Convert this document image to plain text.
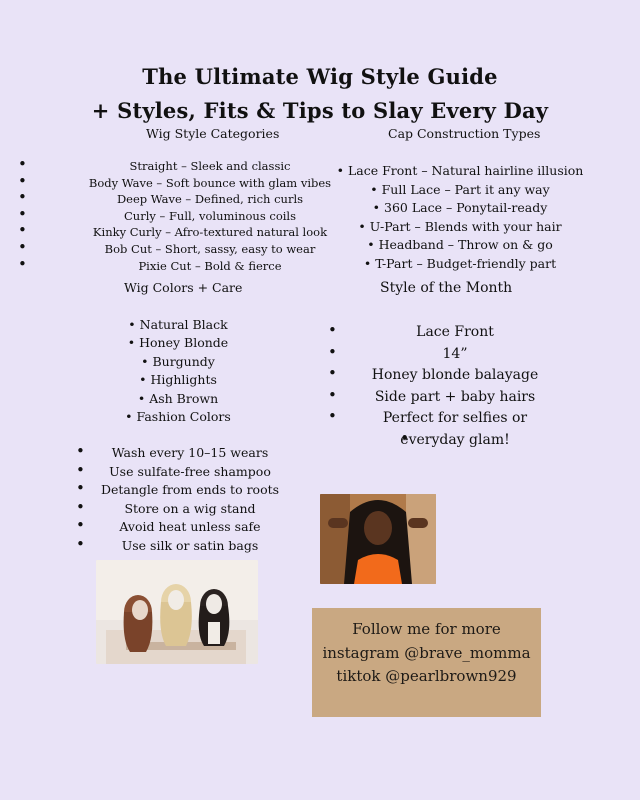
The Ultimate Wig Style Guide
+ Styles, Fits & Tips to Slay Every Day
Wig Style Categories
• Straight – Sleek and classic
• Body Wave – Soft bounce with glam vibes
• Deep Wave – Defined, rich curls
• Curly – Full, voluminous coils
• Kinky Curly – Afro-textured natural look
• Bob Cut – Short, sassy, easy to wear
• Pixie Cut – Bold & fierce
Cap Construction Types
• Lace Front – Natural hairline illusion
• Full Lace – Part it any way
• 360 Lace – Ponytail-ready
• U-Part – Blends with your hair
• Headband – Throw on & go
• T-Part – Budget-friendly part
Wig Colors + Care
• Natural Black
• Honey Blonde
• Burgundy
• Highlights
• Ash Brown
• Fashion Colors
• Wash every 10–15 wears
• Use sulfate-free shampoo
• Detangle from ends to roots
• Store on a wig stand
• Avoid heat unless safe
• Use silk or satin bags
Style of the Month
• Lace Front
• 14”
• Honey blonde balayage
• Side part + baby hairs
• Perfect for selfies or
• everyday glam!
Follow me for more
instagram @brave_momma
tiktok @pearlbrown929
